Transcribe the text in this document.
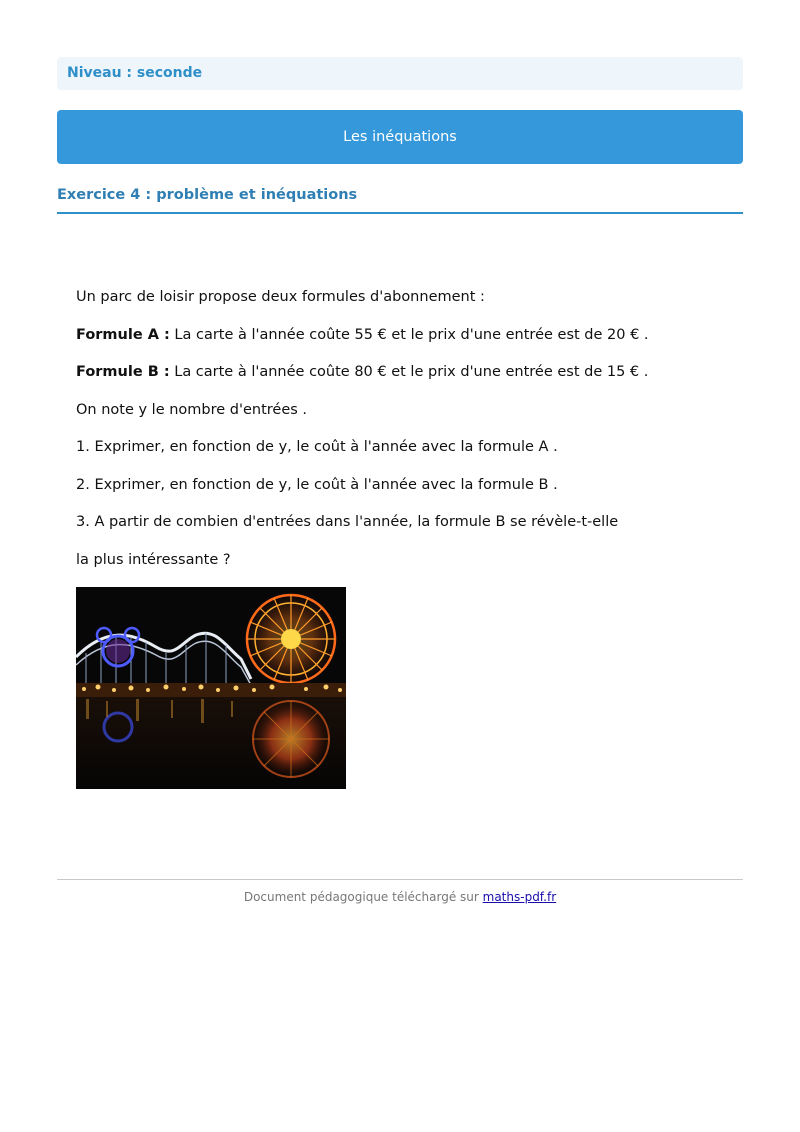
Niveau : seconde
Les inéquations
Exercice 4 : problème et inéquations

Un parc de loisir propose deux formules d'abonnement :

Formule A : La carte à l'année coûte 55 € et le prix d'une entrée est de 20 € .

Formule B : La carte à l'année coûte 80 € et le prix d'une entrée est de 15 € .

On note y le nombre d'entrées .

1. Exprimer, en fonction de y, le coût à l'année avec la formule A .

2. Exprimer, en fonction de y, le coût à l'année avec la formule B .

3. A partir de combien d'entrées dans l'année, la formule B se révèle-t-elle

la plus intéressante ?

Document pédagogique téléchargé sur maths-pdf.fr
